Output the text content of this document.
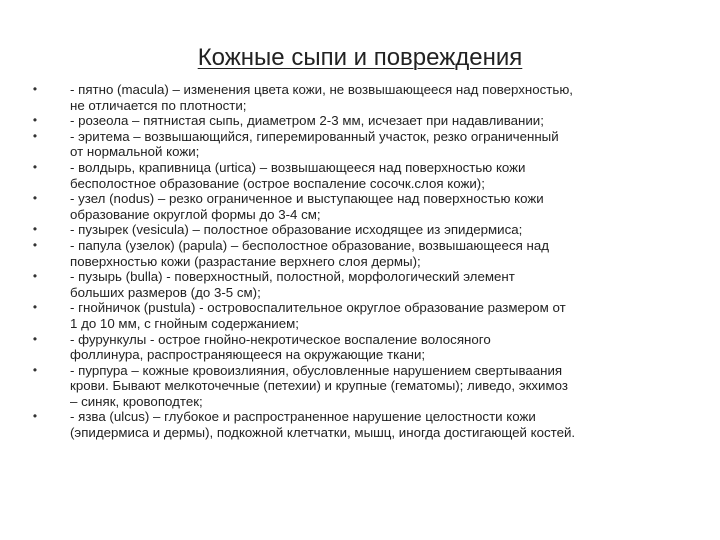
Кожные сыпи и повреждения
• - пятно (macula) – изменения цвета кожи, не возвышающееся над поверхностью,
не отличается по плотности;
• - розеола – пятнистая сыпь, диаметром 2-3 мм, исчезает при надавливании;
• - эритема – возвышающийся, гиперемированный участок, резко ограниченный
от нормальной кожи;
• - волдырь, крапивница (urtica) – возвышающееся над поверхностью кожи
бесполостное образование (острое воспаление сосочк.слоя кожи);
• - узел (nodus) – резко ограниченное и выступающее над поверхностью кожи
образование округлой формы до 3-4 см;
• - пузырек (vesicula) – полостное образование исходящее из эпидермиса;
• - папула (узелок) (papula) – бесполостное образование, возвышающееся над
поверхностью кожи (разрастание верхнего слоя дермы);
• - пузырь (bulla) - поверхностный, полостной, морфологический элемент
больших размеров (до 3-5 см);
• - гнойничок (pustula) - островоспалительное округлое образование размером от
1 до 10 мм, с гнойным содержанием;
• - фурункулы - острое гнойно-некротическое воспаление волосяного
фоллинура, распространяющееся на окружающие ткани;
• - пурпура – кожные кровоизлияния, обусловленные нарушением свертываания
крови. Бывают мелкоточечные (петехии) и крупные (гематомы); ливедо, экхимоз
– синяк, кровоподтек;
• - язва (ulcus) – глубокое и распространенное нарушение целостности кожи
(эпидермиса и дермы), подкожной клетчатки, мышц, иногда достигающей костей.
